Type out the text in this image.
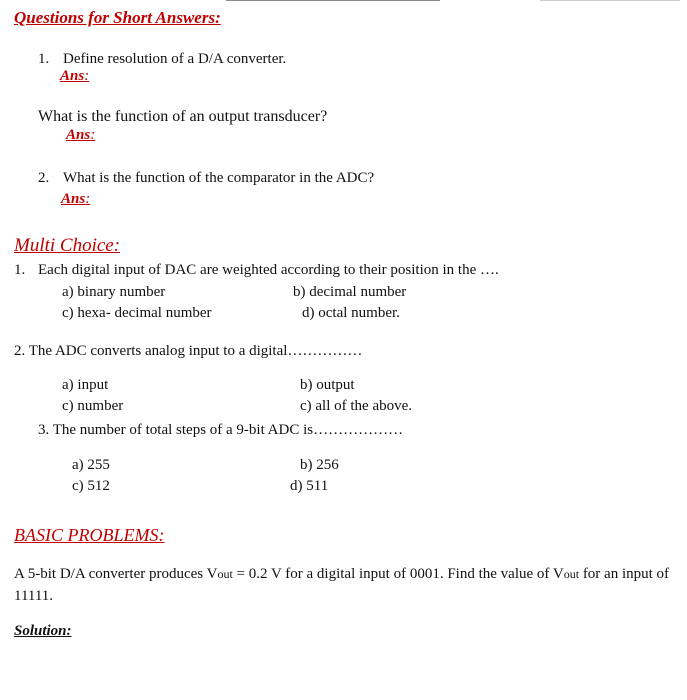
Questions for Short Answers:
1. Define resolution of a D/A converter.
Ans:
What is the function of an output transducer?
Ans:
2. What is the function of the comparator in the ADC?
Ans:
Multi Choice:
1. Each digital input of DAC are weighted according to their position in the ….
a) binary number	b) decimal number
c) hexa- decimal number	d) octal number.
2. The ADC converts analog input to a digital……………
a) input	b) output
c) number	c) all of the above.
3. The number of total steps of a 9-bit ADC is………………
a) 255	b) 256
c) 512	d) 511
BASIC PROBLEMS:
A 5-bit D/A converter produces Vout = 0.2 V for a digital input of 0001. Find the value of Vout for an input of 11111.
Solution:
